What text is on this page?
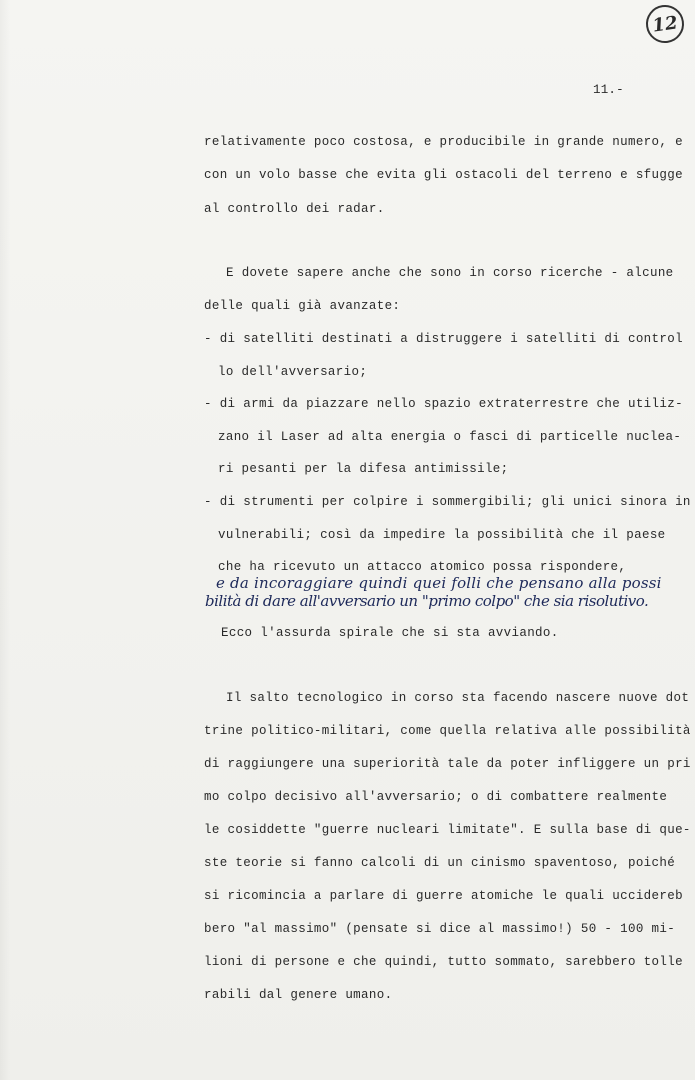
12
11.-
relativamente poco costosa, e producibile in grande numero, e
con un volo basse che evita gli ostacoli del terreno e sfugge
al controllo dei radar.
E dovete sapere anche che sono in corso ricerche - alcune
delle quali già avanzate:
- di satelliti destinati a distruggere i satelliti di control
lo dell'avversario;
- di armi da piazzare nello spazio extraterrestre che utiliz-
zano il Laser ad alta energia o fasci di particelle nuclea-
ri pesanti per la difesa antimissile;
- di strumenti per colpire i sommergibili; gli unici sinora in
vulnerabili; così da impedire la possibilità che il paese
che ha ricevuto un attacco atomico possa rispondere,
e da incoraggiare quindi quei folli che pensano alla possi
bilità di dare all'avversario un "primo colpo" che sia risolutivo.
Ecco l'assurda spirale che si sta avviando.
Il salto tecnologico in corso sta facendo nascere nuove dot
trine politico-militari, come quella relativa alle possibilità
di raggiungere una superiorità tale da poter infliggere un pri
mo colpo decisivo all'avversario; o di combattere realmente
le cosiddette "guerre nucleari limitate". E sulla base di que-
ste teorie si fanno calcoli di un cinismo spaventoso, poiché
si ricomincia a parlare di guerre atomiche le quali uccidereb
bero "al massimo" (pensate si dice al massimo!) 50 - 100 mi-
lioni di persone e che quindi, tutto sommato, sarebbero tolle
rabili dal genere umano.
